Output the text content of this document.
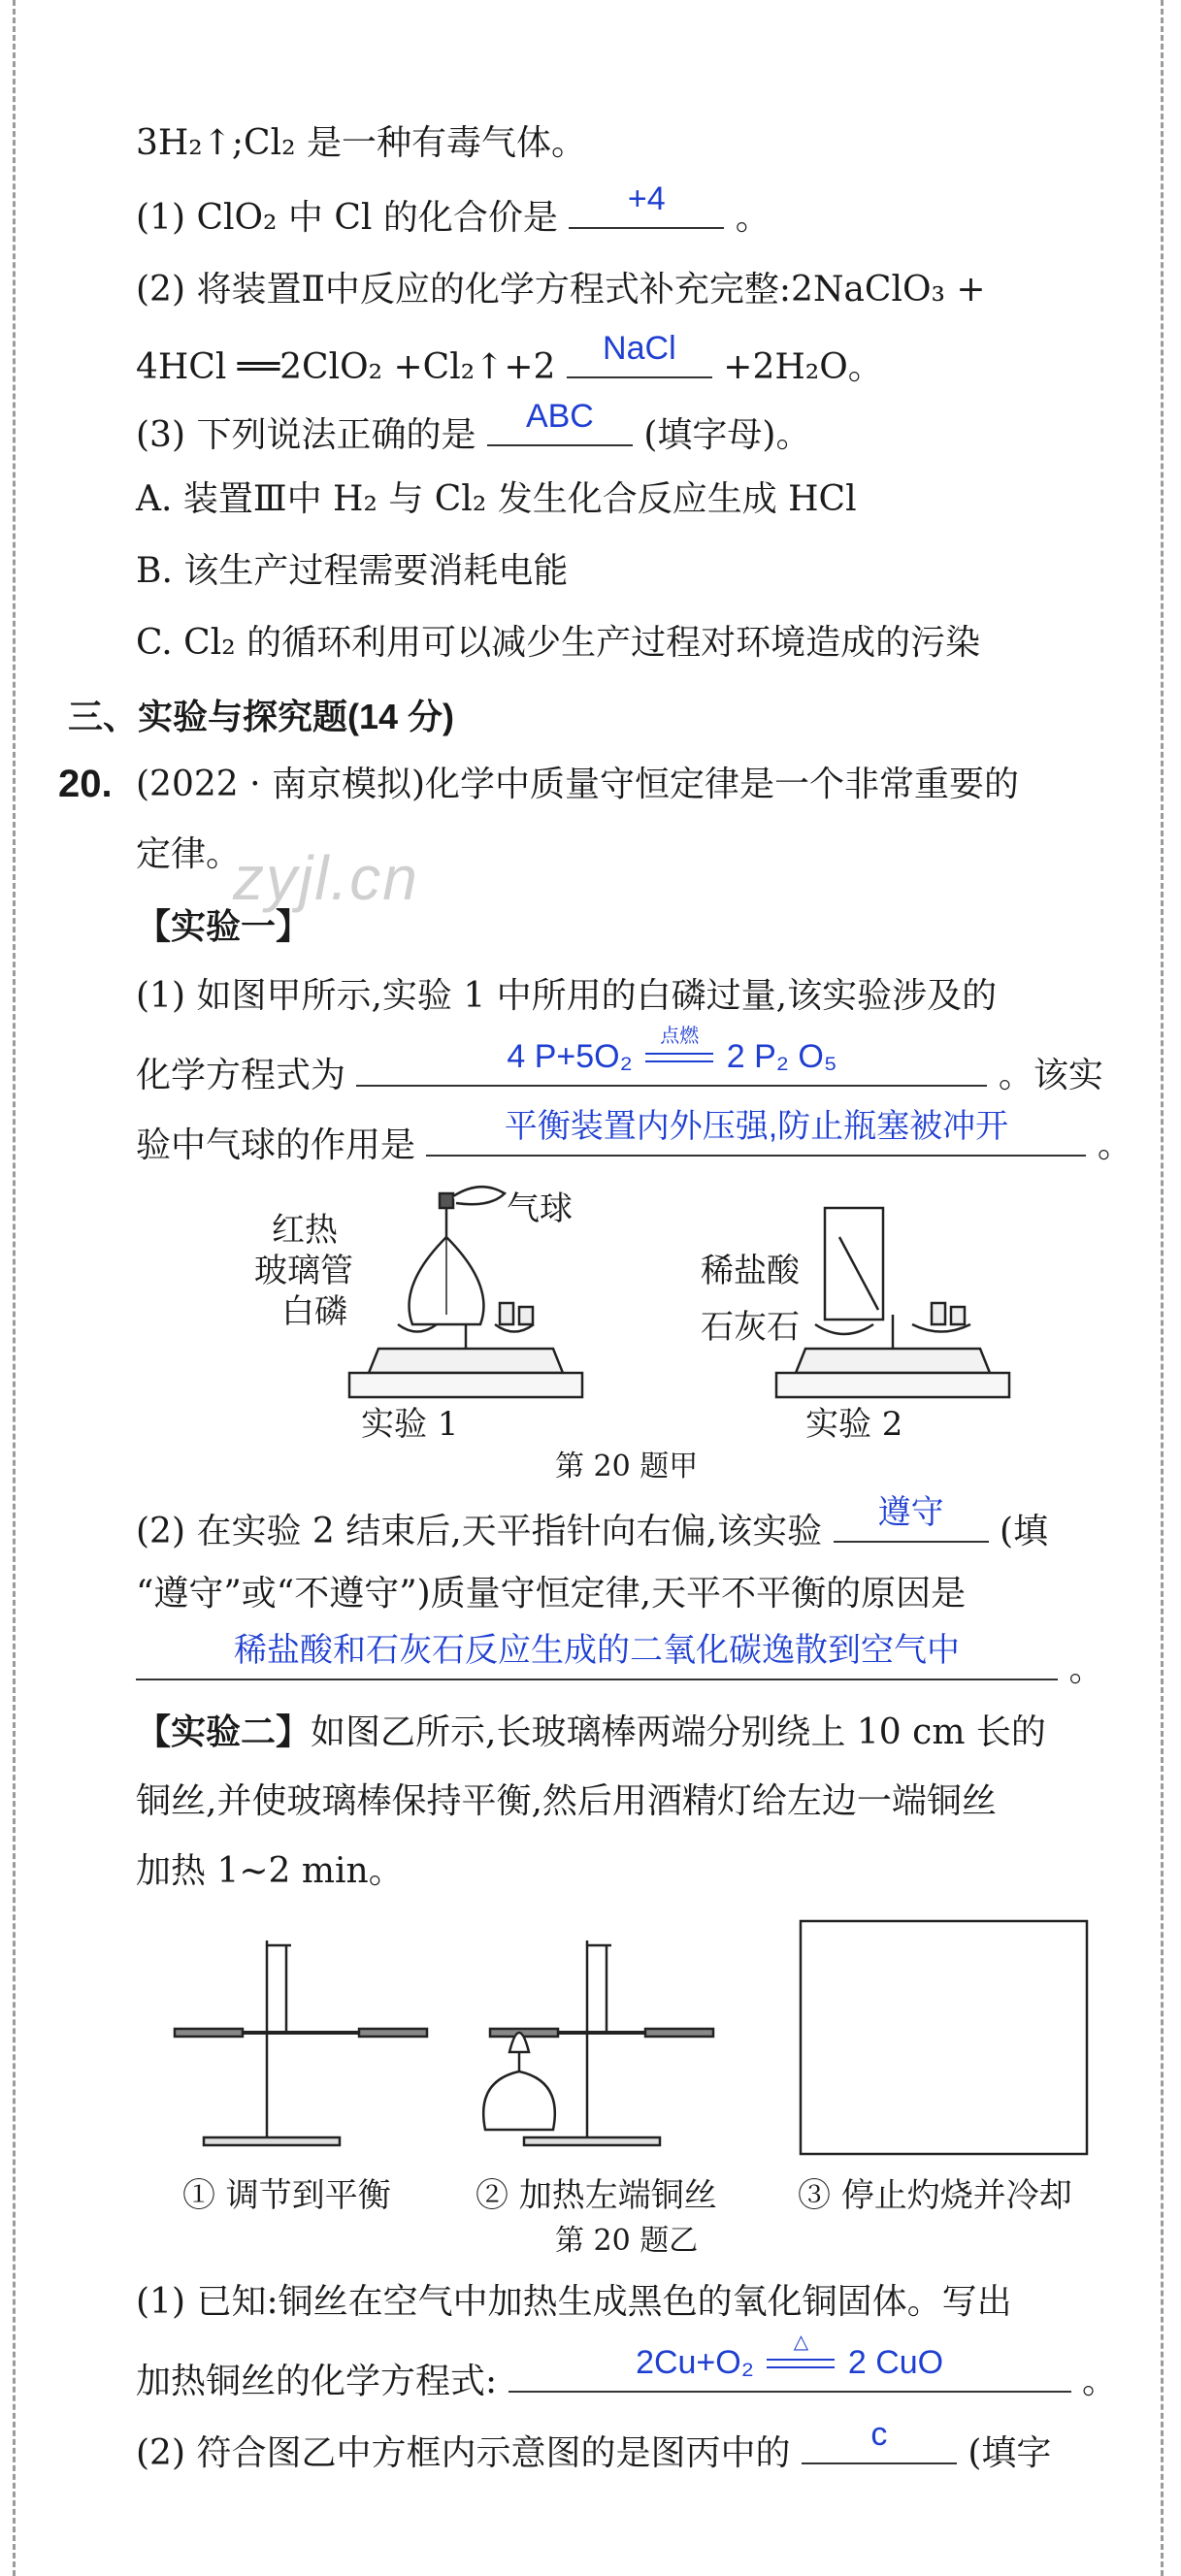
3H₂↑;Cl₂ 是一种有毒气体。
(1) ClO₂ 中 Cl 的化合价是	+4	。
(2) 将装置Ⅱ中反应的化学方程式补充完整:2NaClO₃ +
4HCl ══2ClO₂ +Cl₂↑+2	NaCl	+2H₂O。
(3) 下列说法正确的是	ABC	(填字母)。
A. 装置Ⅲ中 H₂ 与 Cl₂ 发生化合反应生成 HCl
B. 该生产过程需要消耗电能
C. Cl₂ 的循环利用可以减少生产过程对环境造成的污染
三、实验与探究题(14 分)
20. (2022 · 南京模拟)化学中质量守恒定律是一个非常重要的
定律。
zyjl.cn
【实验一】
(1) 如图甲所示,实验 1 中所用的白磷过量,该实验涉及的
化学方程式为	4 P+5O₂
点燃
2 P₂ O₅	。该实
验中气球的作用是	平衡装置内外压强,防止瓶塞被冲开	。
红热
玻璃管
白磷
气球
稀盐酸
石灰石
实验 1	实验 2
第 20 题甲
(2) 在实验 2 结束后,天平指针向右偏,该实验	遵守	(填
“遵守”或“不遵守”)质量守恒定律,天平不平衡的原因是
稀盐酸和石灰石反应生成的二氧化碳逸散到空气中	。
【实验二】如图乙所示,长玻璃棒两端分别绕上 10 cm 长的
铜丝,并使玻璃棒保持平衡,然后用酒精灯给左边一端铜丝
加热 1~2 min。
① 调节到平衡	② 加热左端铜丝 ③ 停止灼烧并冷却
第 20 题乙
(1) 已知:铜丝在空气中加热生成黑色的氧化铜固体。写出
加热铜丝的化学方程式:	2Cu+O₂
△
2 CuO	。
(2) 符合图乙中方框内示意图的是图丙中的	c	(填字
